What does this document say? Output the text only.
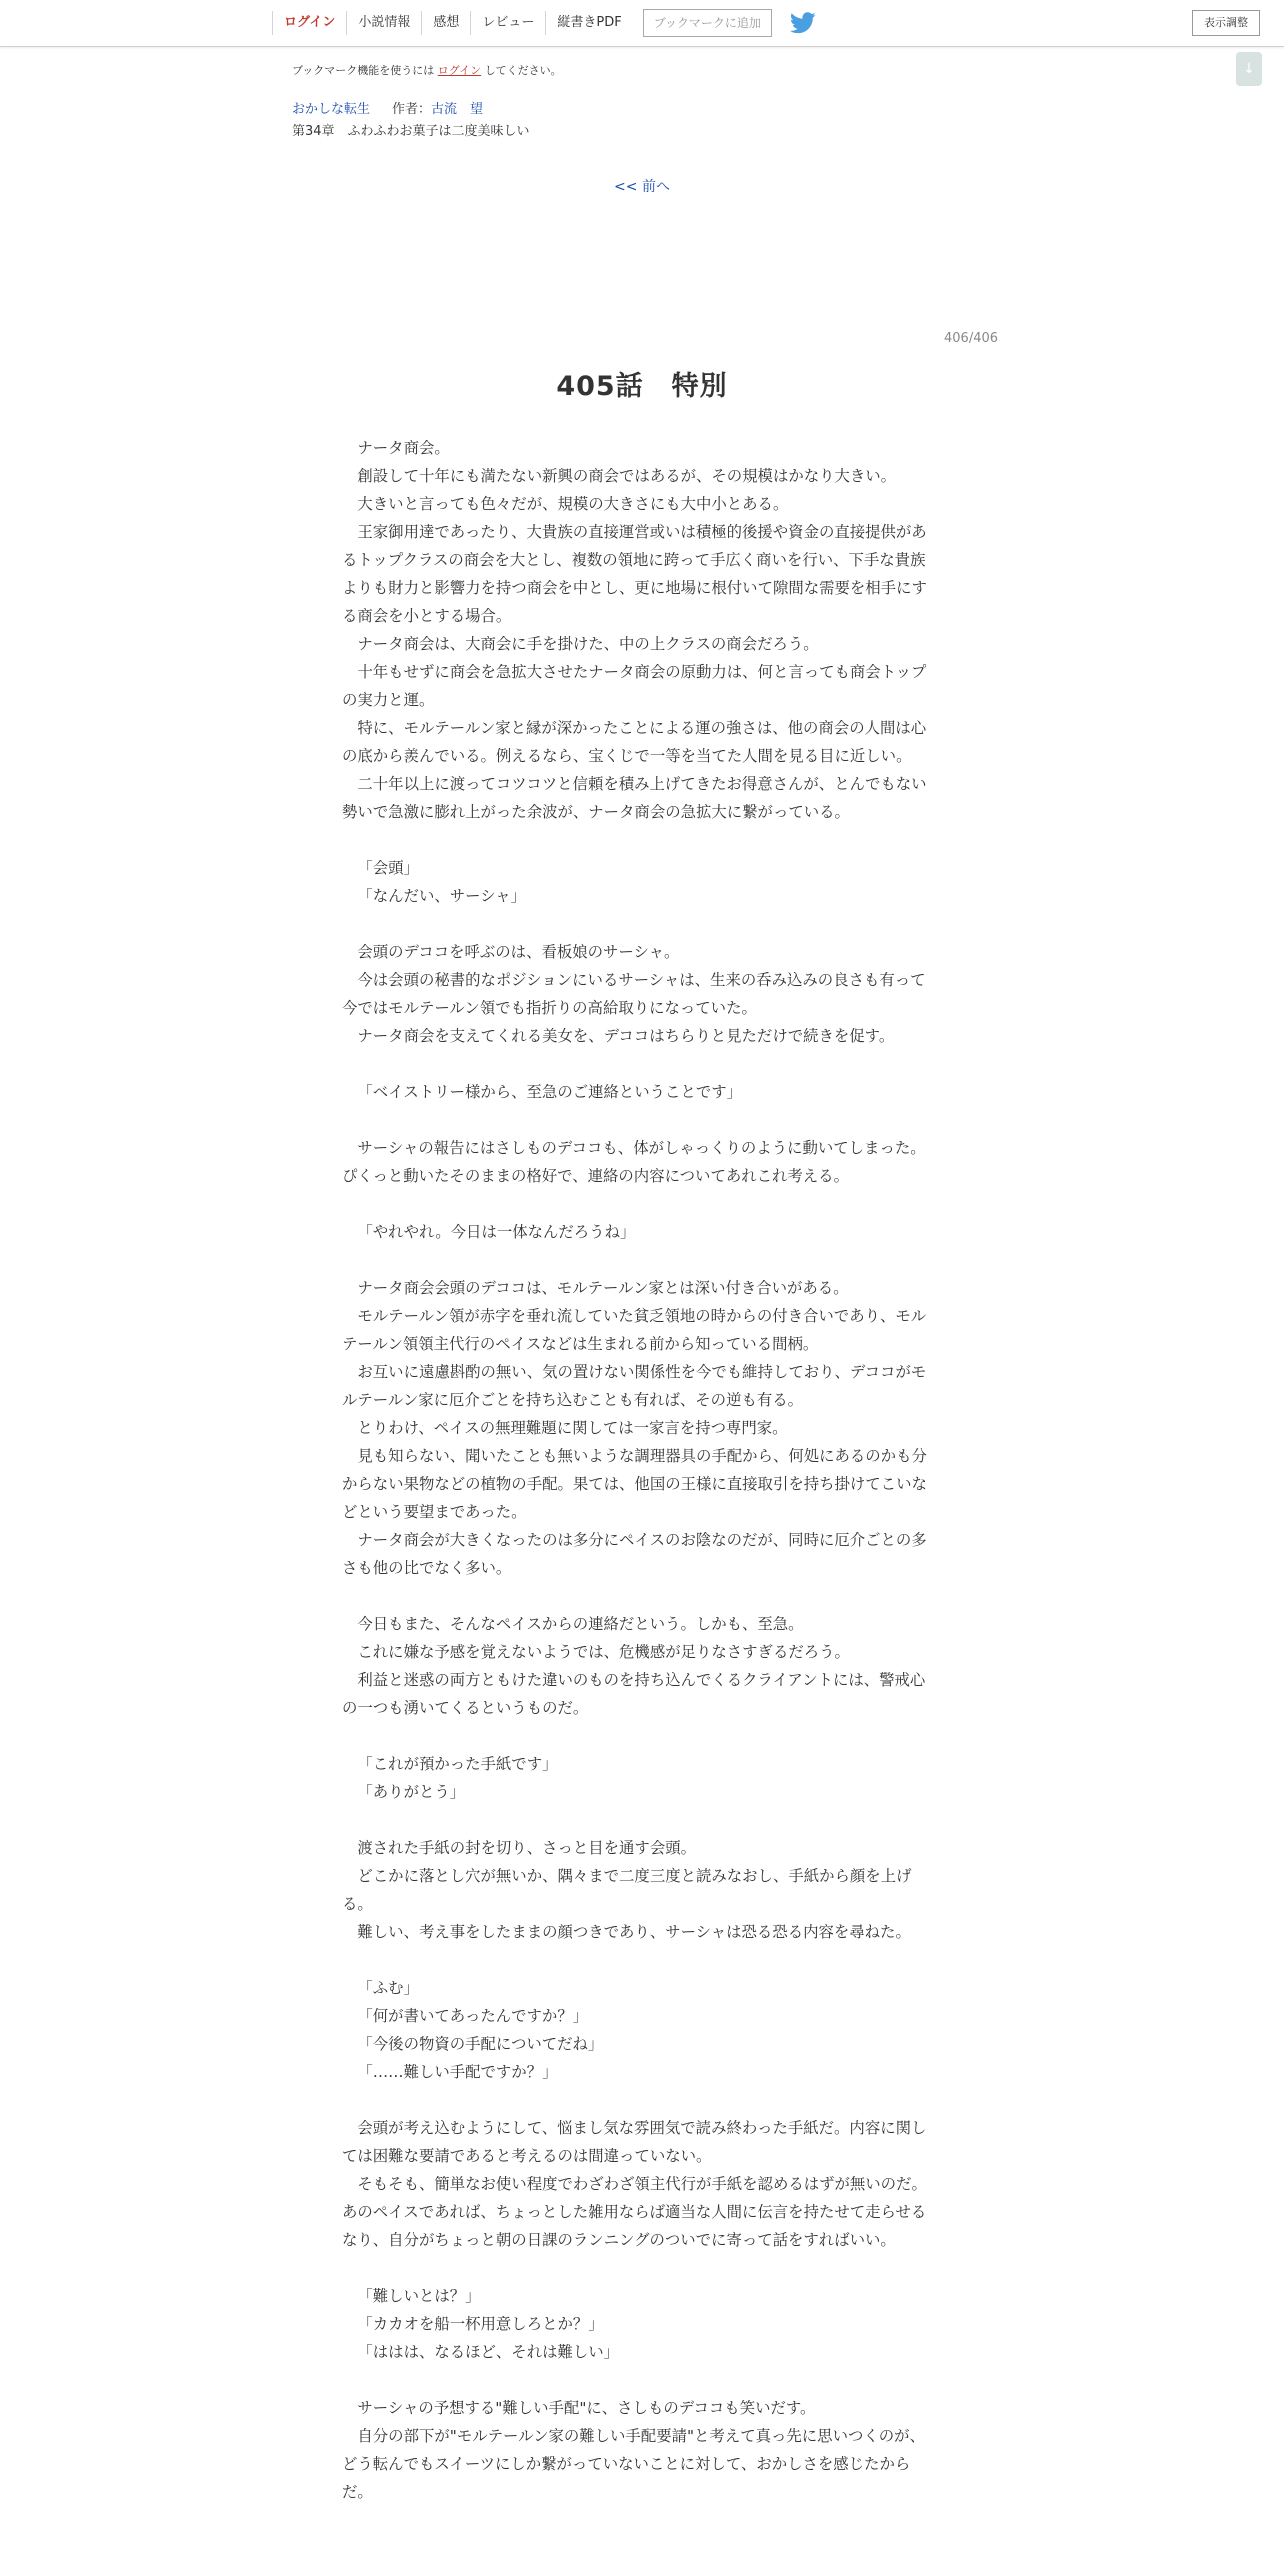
ログイン	小説情報	感想	レビュー	縦書きPDF	ブックマークに追加	表示調整
↓
ブックマーク機能を使うには ログイン してください。
おかしな転生 作者：古流　望
第34章　ふわふわお菓子は二度美味しい
<< 前へ
406/406
405話　特別

ナータ商会。

創設して十年にも満たない新興の商会ではあるが、その規模はかなり大きい。

大きいと言っても色々だが、規模の大きさにも大中小とある。

王家御用達であったり、大貴族の直接運営或いは積極的後援や資金の直接提供があるトップクラスの商会を大とし、複数の領地に跨って手広く商いを行い、下手な貴族よりも財力と影響力を持つ商会を中とし、更に地場に根付いて隙間な需要を相手にする商会を小とする場合。

ナータ商会は、大商会に手を掛けた、中の上クラスの商会だろう。

十年もせずに商会を急拡大させたナータ商会の原動力は、何と言っても商会トップの実力と運。

特に、モルテールン家と縁が深かったことによる運の強さは、他の商会の人間は心の底から羨んでいる。例えるなら、宝くじで一等を当てた人間を見る目に近しい。

二十年以上に渡ってコツコツと信頼を積み上げてきたお得意さんが、とんでもない勢いで急激に膨れ上がった余波が、ナータ商会の急拡大に繋がっている。

「会頭」

「なんだい、サーシャ」

会頭のデココを呼ぶのは、看板娘のサーシャ。

今は会頭の秘書的なポジションにいるサーシャは、生来の呑み込みの良さも有って今ではモルテールン領でも指折りの高給取りになっていた。

ナータ商会を支えてくれる美女を、デココはちらりと見ただけで続きを促す。

「ベイストリー様から、至急のご連絡ということです」

サーシャの報告にはさしものデココも、体がしゃっくりのように動いてしまった。ぴくっと動いたそのままの格好で、連絡の内容についてあれこれ考える。

「やれやれ。今日は一体なんだろうね」

ナータ商会会頭のデココは、モルテールン家とは深い付き合いがある。

モルテールン領が赤字を垂れ流していた貧乏領地の時からの付き合いであり、モルテールン領領主代行のペイスなどは生まれる前から知っている間柄。

お互いに遠慮斟酌の無い、気の置けない関係性を今でも維持しており、デココがモルテールン家に厄介ごとを持ち込むことも有れば、その逆も有る。

とりわけ、ペイスの無理難題に関しては一家言を持つ専門家。

見も知らない、聞いたことも無いような調理器具の手配から、何処にあるのかも分からない果物などの植物の手配。果ては、他国の王様に直接取引を持ち掛けてこいなどという要望まであった。

ナータ商会が大きくなったのは多分にペイスのお陰なのだが、同時に厄介ごとの多さも他の比でなく多い。

今日もまた、そんなペイスからの連絡だという。しかも、至急。

これに嫌な予感を覚えないようでは、危機感が足りなさすぎるだろう。

利益と迷惑の両方ともけた違いのものを持ち込んでくるクライアントには、警戒心の一つも湧いてくるというものだ。

「これが預かった手紙です」

「ありがとう」

渡された手紙の封を切り、さっと目を通す会頭。

どこかに落とし穴が無いか、隅々まで二度三度と読みなおし、手紙から顔を上げる。

難しい、考え事をしたままの顔つきであり、サーシャは恐る恐る内容を尋ねた。

「ふむ」

「何が書いてあったんですか？」

「今後の物資の手配についてだね」

「……難しい手配ですか？」

会頭が考え込むようにして、悩まし気な雰囲気で読み終わった手紙だ。内容に関しては困難な要請であると考えるのは間違っていない。

そもそも、簡単なお使い程度でわざわざ領主代行が手紙を認めるはずが無いのだ。あのペイスであれば、ちょっとした雑用ならば適当な人間に伝言を持たせて走らせるなり、自分がちょっと朝の日課のランニングのついでに寄って話をすればいい。

「難しいとは？」

「カカオを船一杯用意しろとか？」

「ははは、なるほど、それは難しい」

サーシャの予想する"難しい手配"に、さしものデココも笑いだす。

自分の部下が"モルテールン家の難しい手配要請"と考えて真っ先に思いつくのが、どう転んでもスイーツにしか繋がっていないことに対して、おかしさを感じたからだ。
